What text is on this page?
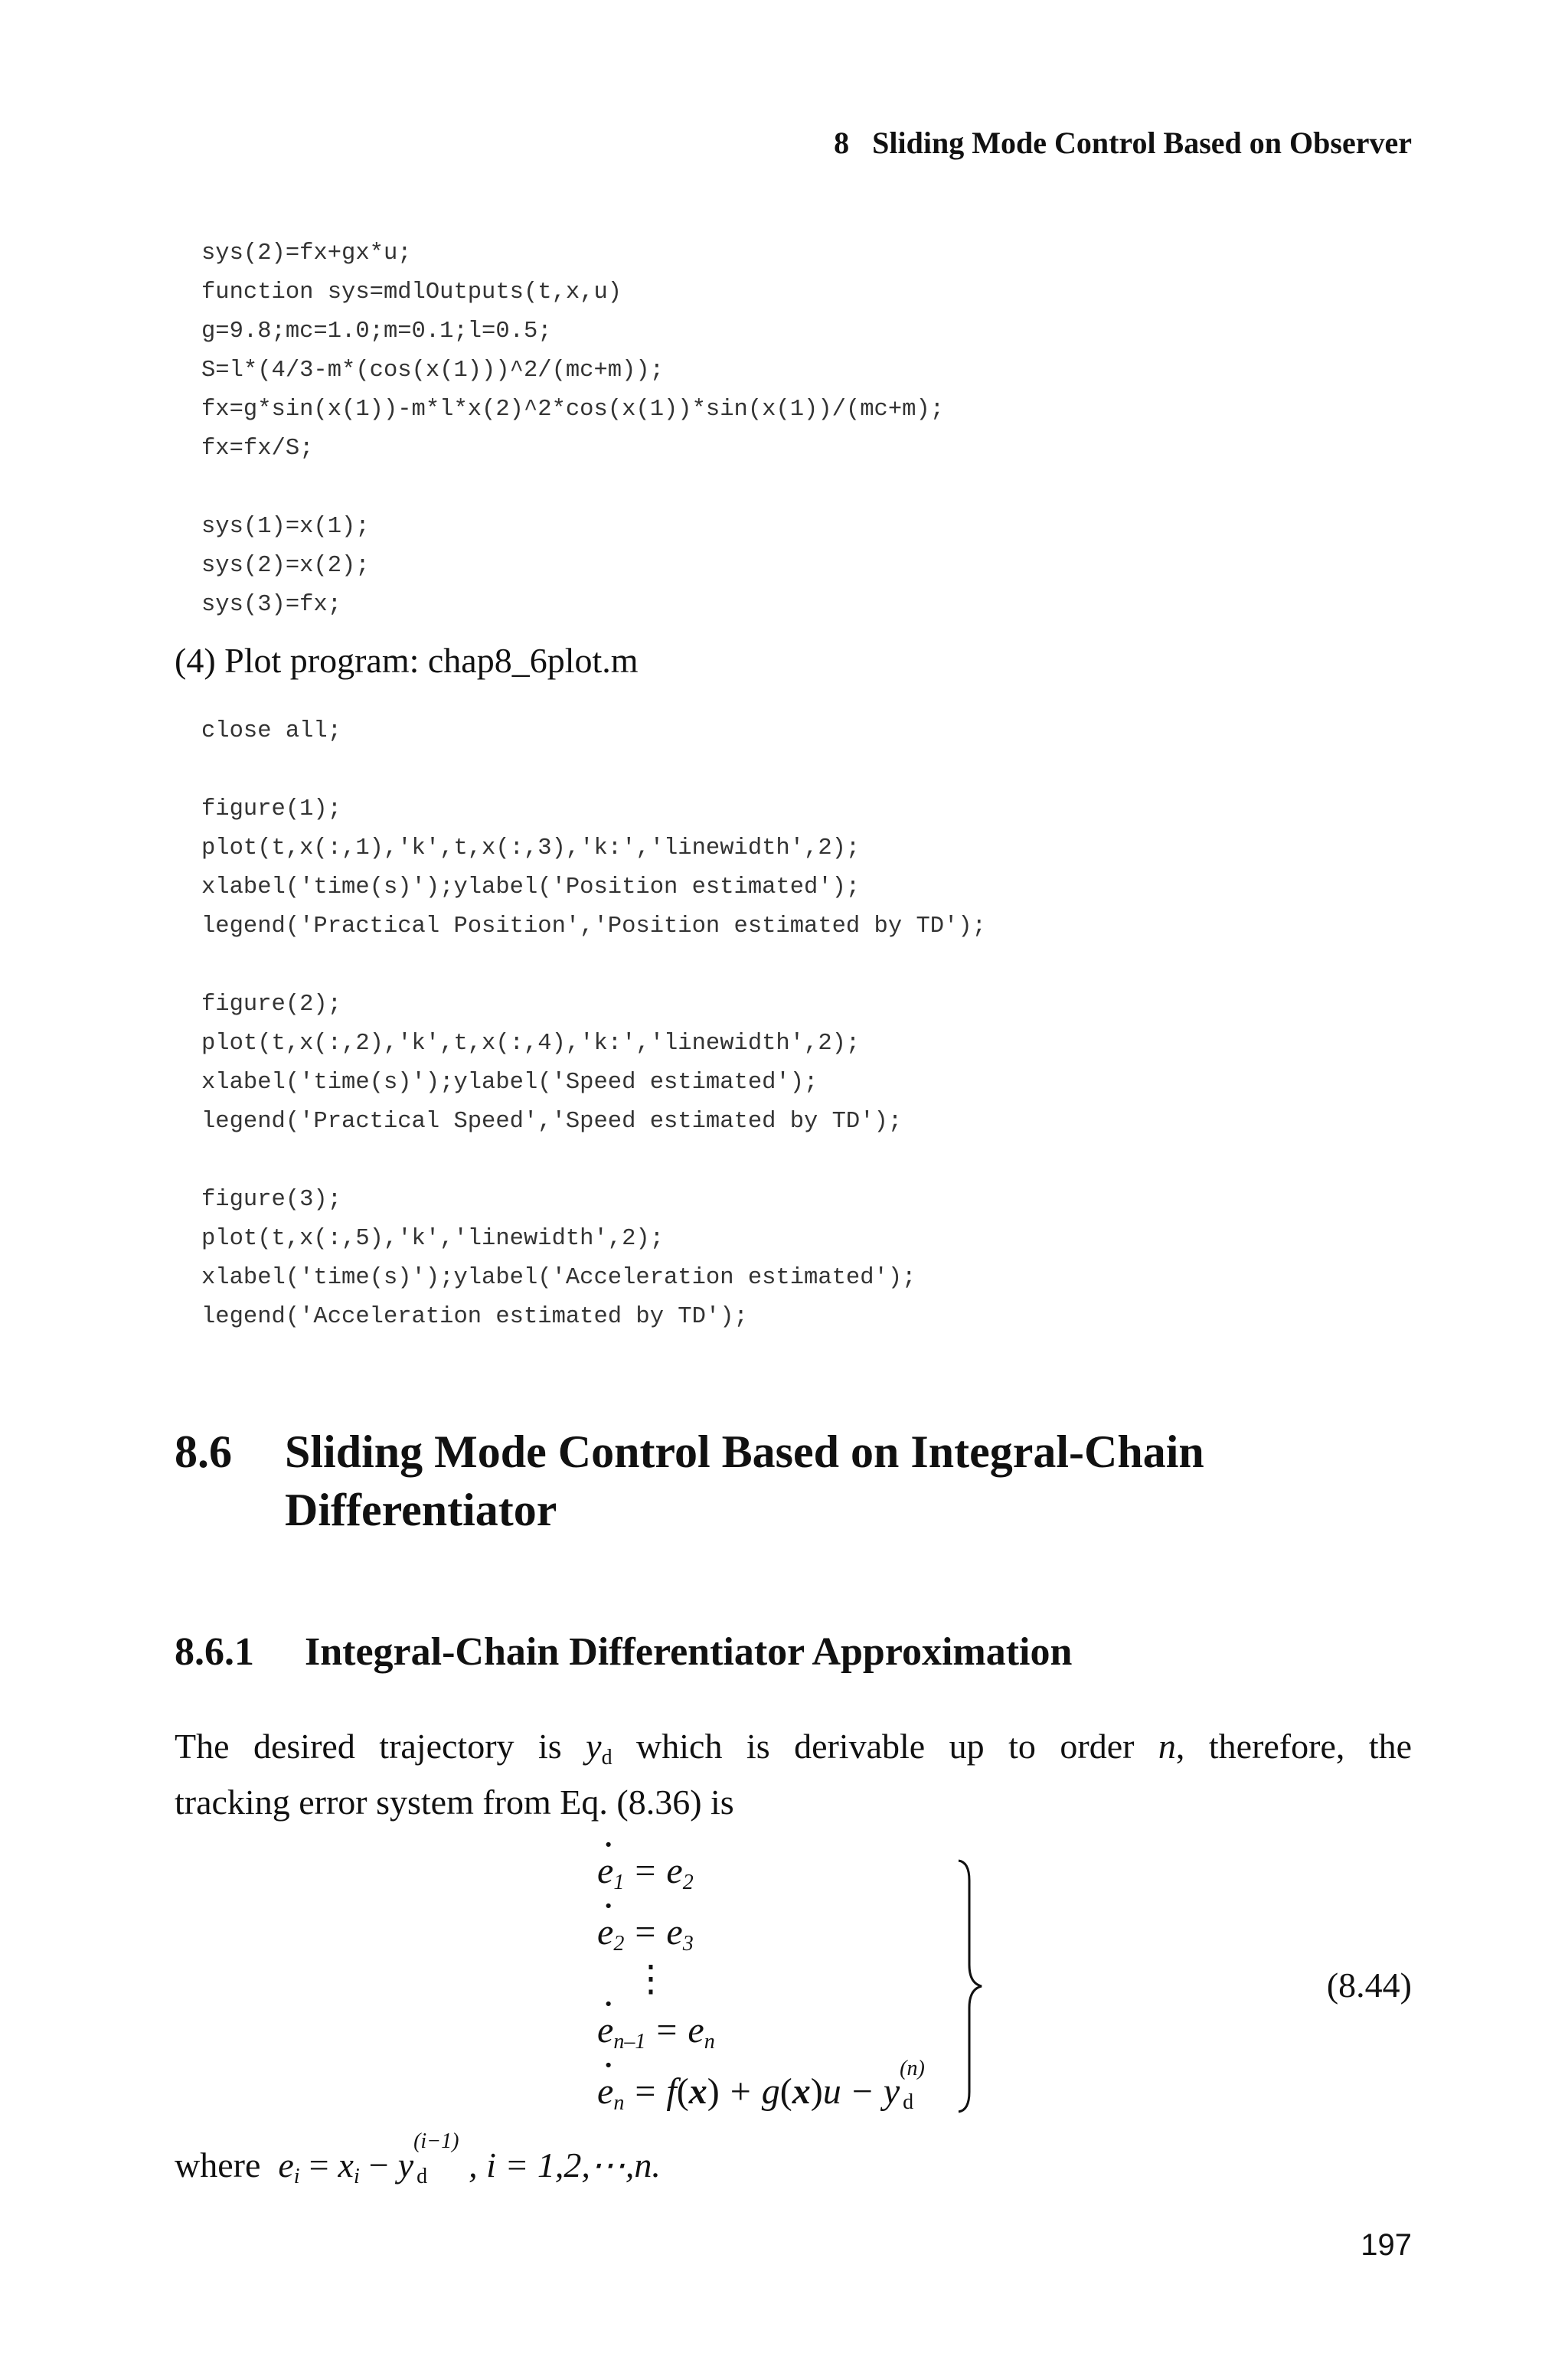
8 Sliding Mode Control Based on Observer
sys(2)=fx+gx*u;
function sys=mdlOutputs(t,x,u)
g=9.8;mc=1.0;m=0.1;l=0.5;
S=l*(4/3-m*(cos(x(1)))^2/(mc+m));
fx=g*sin(x(1))-m*l*x(2)^2*cos(x(1))*sin(x(1))/(mc+m);
fx=fx/S;
sys(1)=x(1);
sys(2)=x(2);
sys(3)=fx;
(4) Plot program: chap8_6plot.m
close all;
figure(1);
plot(t,x(:,1),'k',t,x(:,3),'k:','linewidth',2);
xlabel('time(s)');ylabel('Position estimated');
legend('Practical Position','Position estimated by TD');
figure(2);
plot(t,x(:,2),'k',t,x(:,4),'k:','linewidth',2);
xlabel('time(s)');ylabel('Speed estimated');
legend('Practical Speed','Speed estimated by TD');
figure(3);
plot(t,x(:,5),'k','linewidth',2);
xlabel('time(s)');ylabel('Acceleration estimated');
legend('Acceleration estimated by TD');
8.6 Sliding Mode Control Based on Integral-Chain
Differentiator
8.6.1 Integral-Chain Differentiator Approximation
The desired trajectory is $y_d$ which is derivable up to order n, therefore, the
tracking error system from Eq. (8.36) is
· $e_1 = e_2$
· $e_2 = e_3$
⋮
· $e_{n-1} = e_n$
· $e_n = f(x) + g(x)u - y$
(n)
d

(8.44)
where $e_i = x_i - y$
(i−1)
d , i = 1,2,⋯,n.
197
